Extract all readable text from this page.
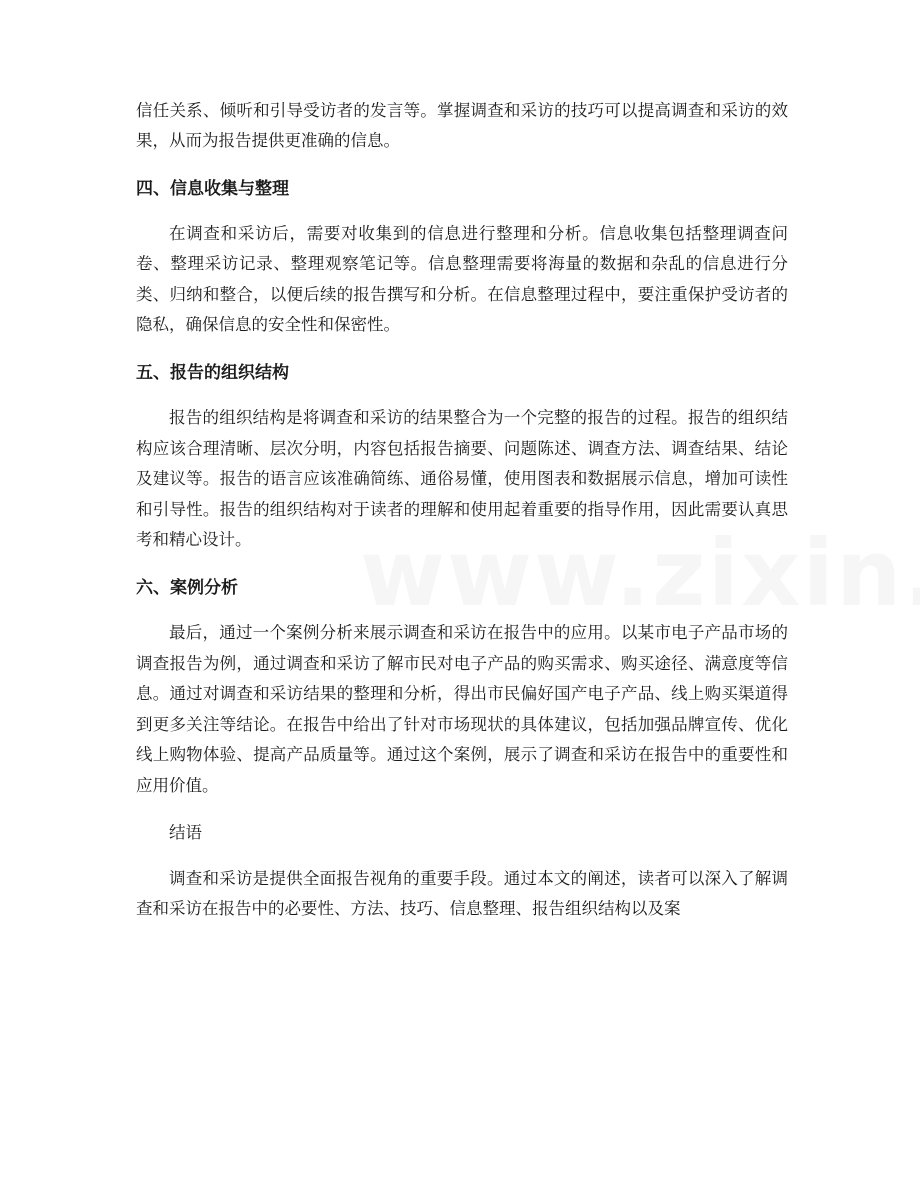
信任关系、倾听和引导受访者的发言等。掌握调查和采访的技巧可以提高调查和采访的效果，从而为报告提供更准确的信息。

四、信息收集与整理

在调查和采访后，需要对收集到的信息进行整理和分析。信息收集包括整理调查问卷、整理采访记录、整理观察笔记等。信息整理需要将海量的数据和杂乱的信息进行分类、归纳和整合，以便后续的报告撰写和分析。在信息整理过程中，要注重保护受访者的隐私，确保信息的安全性和保密性。

五、报告的组织结构

报告的组织结构是将调查和采访的结果整合为一个完整的报告的过程。报告的组织结构应该合理清晰、层次分明，内容包括报告摘要、问题陈述、调查方法、调查结果、结论及建议等。报告的语言应该准确简练、通俗易懂，使用图表和数据展示信息，增加可读性和引导性。报告的组织结构对于读者的理解和使用起着重要的指导作用，因此需要认真思考和精心设计。

六、案例分析

最后，通过一个案例分析来展示调查和采访在报告中的应用。以某市电子产品市场的调查报告为例，通过调查和采访了解市民对电子产品的购买需求、购买途径、满意度等信息。通过对调查和采访结果的整理和分析，得出市民偏好国产电子产品、线上购买渠道得到更多关注等结论。在报告中给出了针对市场现状的具体建议，包括加强品牌宣传、优化线上购物体验、提高产品质量等。通过这个案例，展示了调查和采访在报告中的重要性和应用价值。

结语

调查和采访是提供全面报告视角的重要手段。通过本文的阐述，读者可以深入了解调查和采访在报告中的必要性、方法、技巧、信息整理、报告组织结构以及案
